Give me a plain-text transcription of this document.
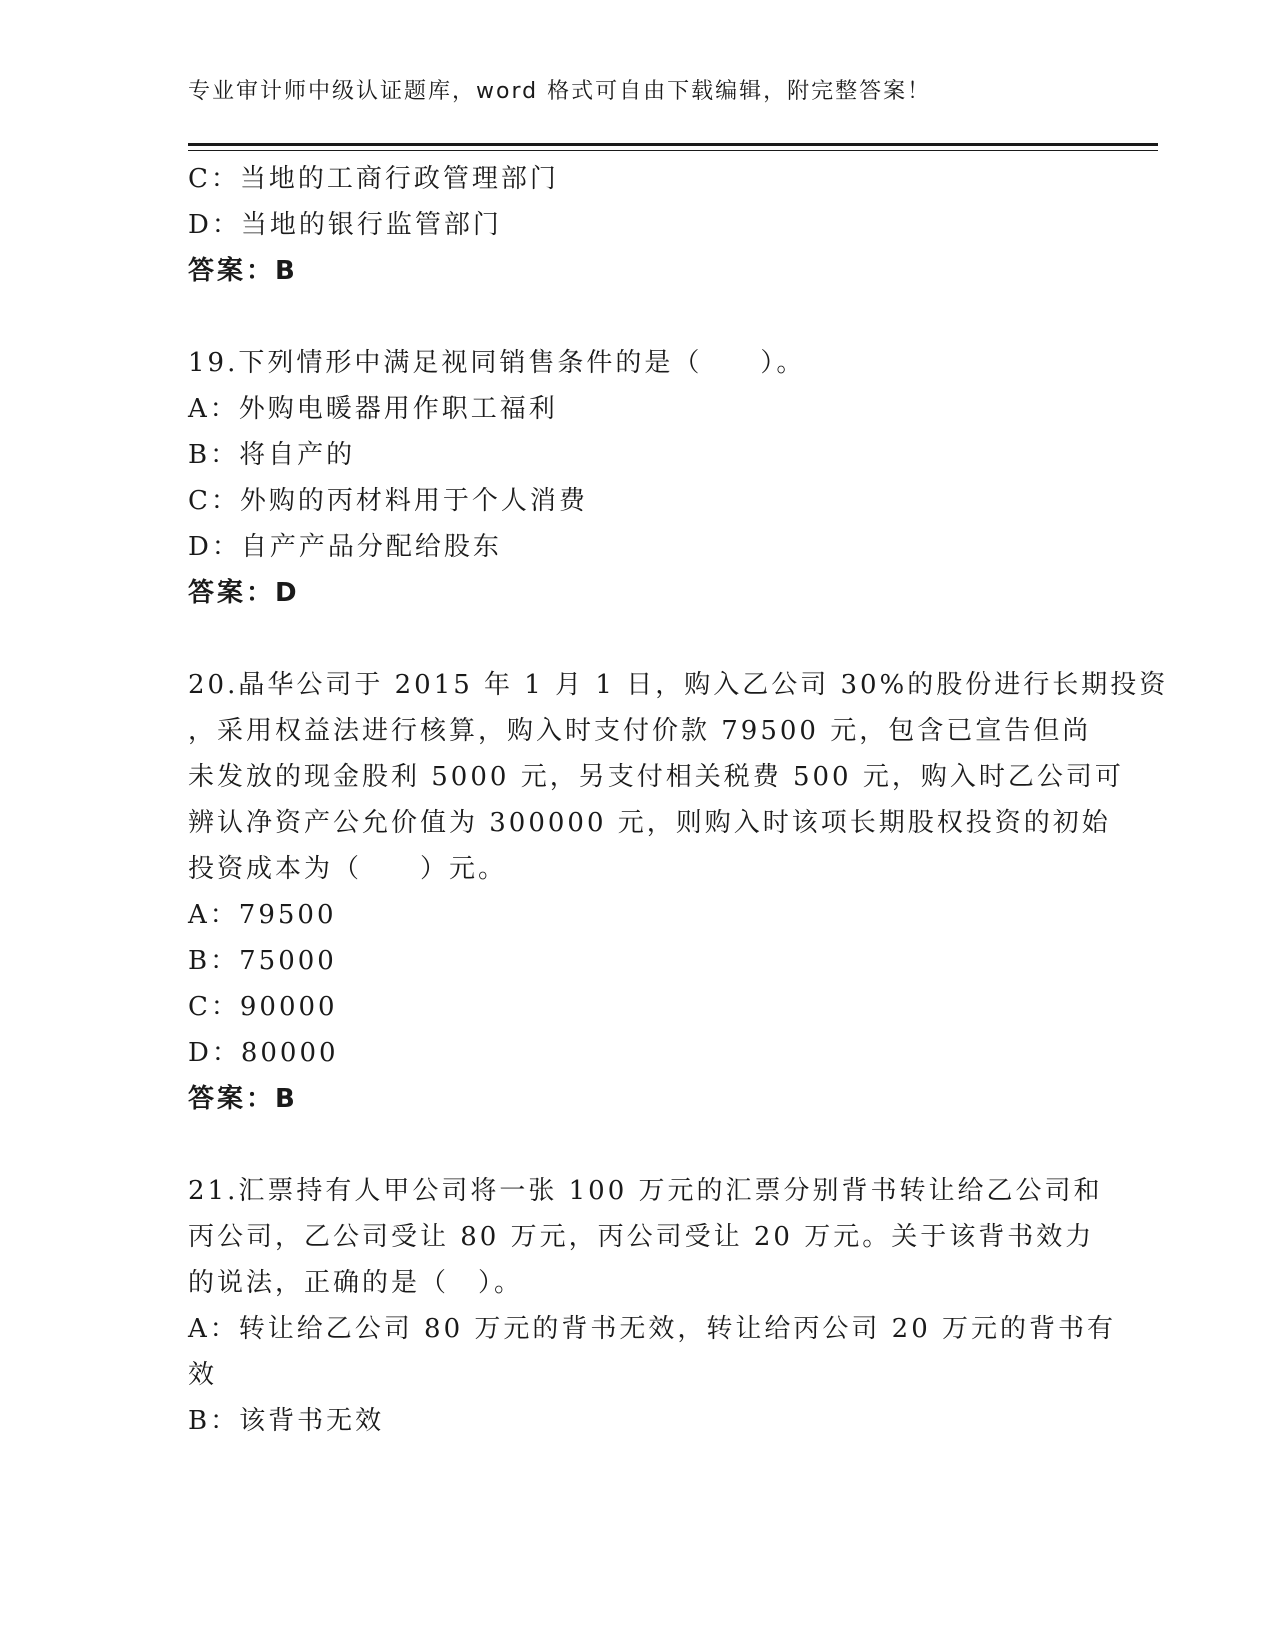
专业审计师中级认证题库，word 格式可自由下载编辑，附完整答案！
C：当地的工商行政管理部门
D：当地的银行监管部门
答案：B
19.下列情形中满足视同销售条件的是（　　）。
A：外购电暖器用作职工福利
B：将自产的
C：外购的丙材料用于个人消费
D：自产产品分配给股东
答案：D
20.晶华公司于 2015 年 1 月 1 日，购入乙公司 30%的股份进行长期投资
，采用权益法进行核算，购入时支付价款 79500 元，包含已宣告但尚
未发放的现金股利 5000 元，另支付相关税费 500 元，购入时乙公司可
辨认净资产公允价值为 300000 元，则购入时该项长期股权投资的初始
投资成本为（　　）元。
A：79500
B：75000
C：90000
D：80000
答案：B
21.汇票持有人甲公司将一张 100 万元的汇票分别背书转让给乙公司和
丙公司，乙公司受让 80 万元，丙公司受让 20 万元。关于该背书效力
的说法，正确的是（　）。
A：转让给乙公司 80 万元的背书无效，转让给丙公司 20 万元的背书有
效
B：该背书无效
